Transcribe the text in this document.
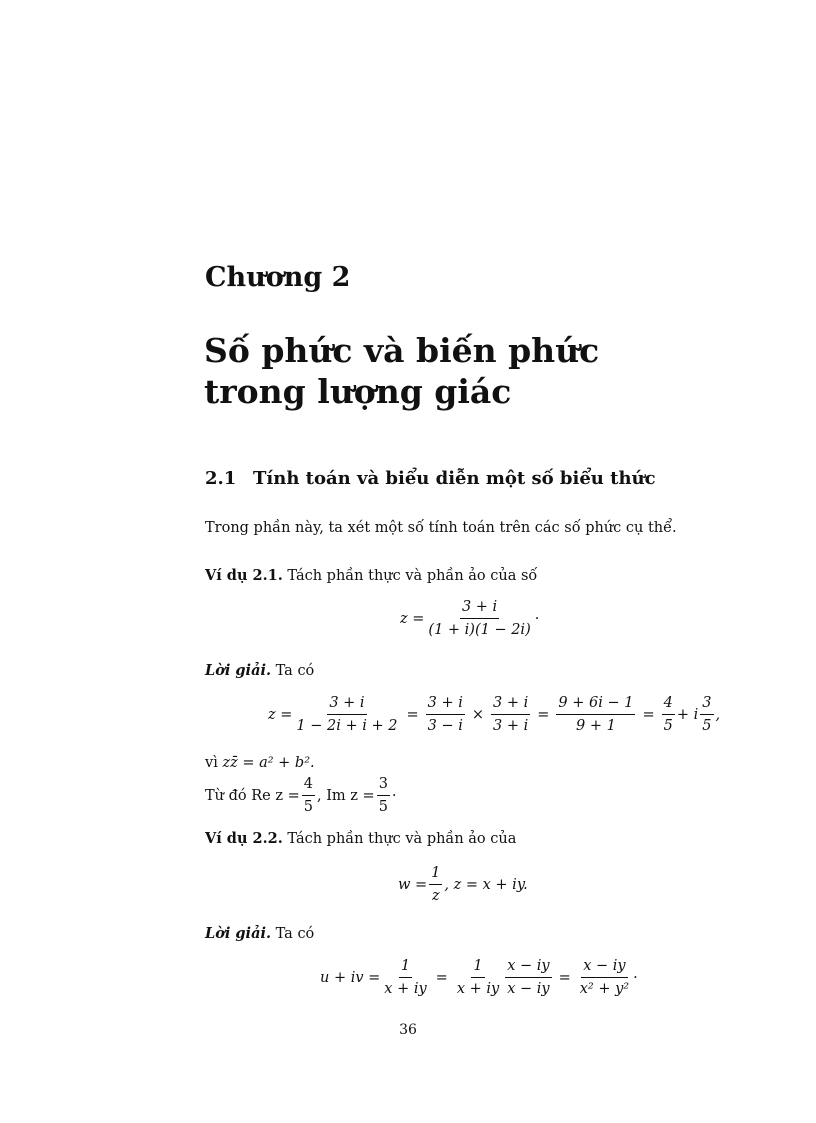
Chương 2
Số phức và biến phức trong lượng giác
2.1 Tính toán và biểu diễn một số biểu thức
Trong phần này, ta xét một số tính toán trên các số phức cụ thể.
Ví dụ 2.1. Tách phần thực và phần ảo của số
$z = \frac{3 + i}{(1 + i)(1 - 2i)}$ ·
Lời giải. Ta có
$z = \frac{3 + i}{1 - 2i + i + 2} = \frac{3 + i}{3 - i} \times \frac{3 + i}{3 + i} = \frac{9 + 6i - 1}{9 + 1} = \frac{4}{5} + i \frac{3}{5}$ ,
vì zz̄ = a² + b².
Từ đó Re $z = \frac{4}{5}$ , Im $z = \frac{3}{5}$ ·
Ví dụ 2.2. Tách phần thực và phần ảo của
$w = \frac{1}{z}$ , z = x + iy.
Lời giải. Ta có
u + iv = $\frac{1}{x + iy} = \frac{1}{x + iy} \frac{x - iy}{x - iy} = \frac{x - iy}{\text{x² + y²}}$ ·
36
